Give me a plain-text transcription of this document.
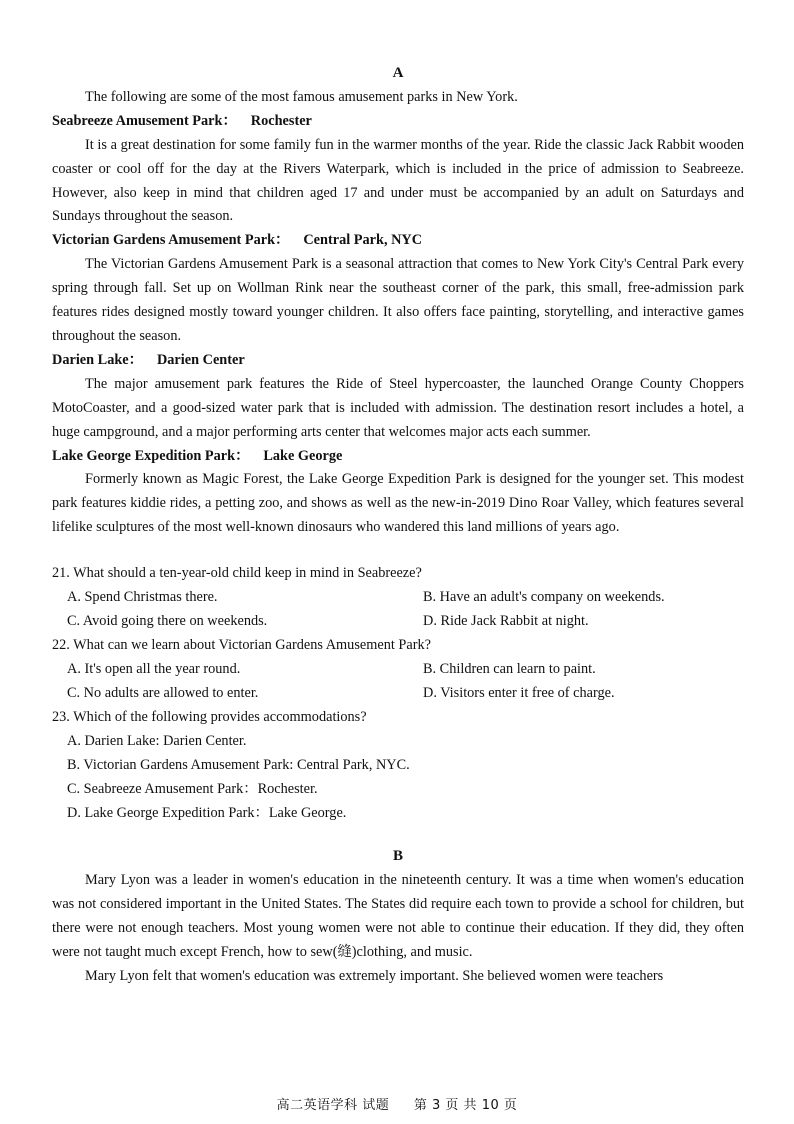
A

The following are some of the most famous amusement parks in New York.

Seabreeze Amusement Park： Rochester

It is a great destination for some family fun in the warmer months of the year. Ride the classic Jack Rabbit wooden coaster or cool off for the day at the Rivers Waterpark, which is included in the price of admission to Seabreeze. However, also keep in mind that children aged 17 and under must be accompanied by an adult on Saturdays and Sundays throughout the season.

Victorian Gardens Amusement Park： Central Park, NYC

The Victorian Gardens Amusement Park is a seasonal attraction that comes to New York City's Central Park every spring through fall. Set up on Wollman Rink near the southeast corner of the park, this small, free-admission park features rides designed mostly toward younger children. It also offers face painting, storytelling, and interactive games throughout the season.

Darien Lake： Darien Center

The major amusement park features the Ride of Steel hypercoaster, the launched Orange County Choppers MotoCoaster, and a good-sized water park that is included with admission. The destination resort includes a hotel, a huge campground, and a major performing arts center that welcomes major acts each summer.

Lake George Expedition Park： Lake George

Formerly known as Magic Forest, the Lake George Expedition Park is designed for the younger set. This modest park features kiddie rides, a petting zoo, and shows as well as the new-in-2019 Dino Roar Valley, which features several lifelike sculptures of the most well-known dinosaurs who wandered this land millions of years ago.

21. What should a ten-year-old child keep in mind in Seabreeze?

A. Spend Christmas there.	B. Have an adult's company on weekends.
C. Avoid going there on weekends.	D. Ride Jack Rabbit at night.

22. What can we learn about Victorian Gardens Amusement Park?

A. It's open all the year round.	B. Children can learn to paint.
C. No adults are allowed to enter.	D. Visitors enter it free of charge.

23. Which of the following provides accommodations?

A. Darien Lake: Darien Center.

B. Victorian Gardens Amusement Park: Central Park, NYC.

C. Seabreeze Amusement Park：Rochester.

D. Lake George Expedition Park：Lake George.

B

Mary Lyon was a leader in women's education in the nineteenth century. It was a time when women's education was not considered important in the United States. The States did require each town to provide a school for children, but there were not enough teachers. Most young women were not able to continue their education. If they did, they often were not taught much except French, how to sew(缝)clothing, and music.

Mary Lyon felt that women's education was extremely important. She believed women were teachers

高二英语学科 试题 第 3 页 共 10 页
